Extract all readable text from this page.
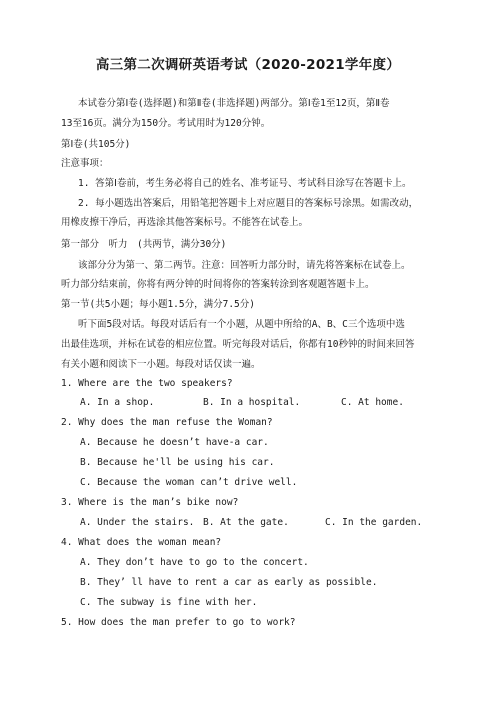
高三第二次调研英语考试（2020-2021学年度）
本试卷分第Ⅰ卷(选择题)和第Ⅱ卷(非选择题)两部分。第Ⅰ卷1至12页，第Ⅱ卷
13至16页。满分为150分。考试用时为120分钟。
第Ⅰ卷(共105分)
注意事项：
1. 答第Ⅰ卷前，考生务必将自己的姓名、准考证号、考试科目涂写在答题卡上。
2. 每小题选出答案后，用铅笔把答题卡上对应题目的答案标号涂黑。如需改动，
用橡皮擦干净后，再选涂其他答案标号。不能答在试卷上。
第一部分　听力　(共两节，满分30分)
该部分分为第一、第二两节。注意：回答听力部分时，请先将答案标在试卷上。
听力部分结束前，你将有两分钟的时间将你的答案转涂到客观题答题卡上。
第一节(共5小题；每小题1.5分，满分7.5分)
听下面5段对话。每段对话后有一个小题，从题中所给的A、B、C三个选项中选
出最佳选项，并标在试卷的相应位置。听完每段对话后，你都有10秒钟的时间来回答
有关小题和阅读下一小题。每段对话仅读一遍。
1. Where are the two speakers?
A. In a shop.	B. In a hospital.	C. At home.
2. Why does the man refuse the Woman?
A. Because he doesn’t have-a car.
B. Because he'll be using his car.
C. Because the woman can’t drive well.
3. Where is the man’s bike now?
A. Under the stairs. B. At the gate.	C. In the garden.
4. What does the woman mean?
A. They don’t have to go to the concert.
B. They’ ll have to rent a car as early as possible.
C. The subway is fine with her.
5. How does the man prefer to go to work?
